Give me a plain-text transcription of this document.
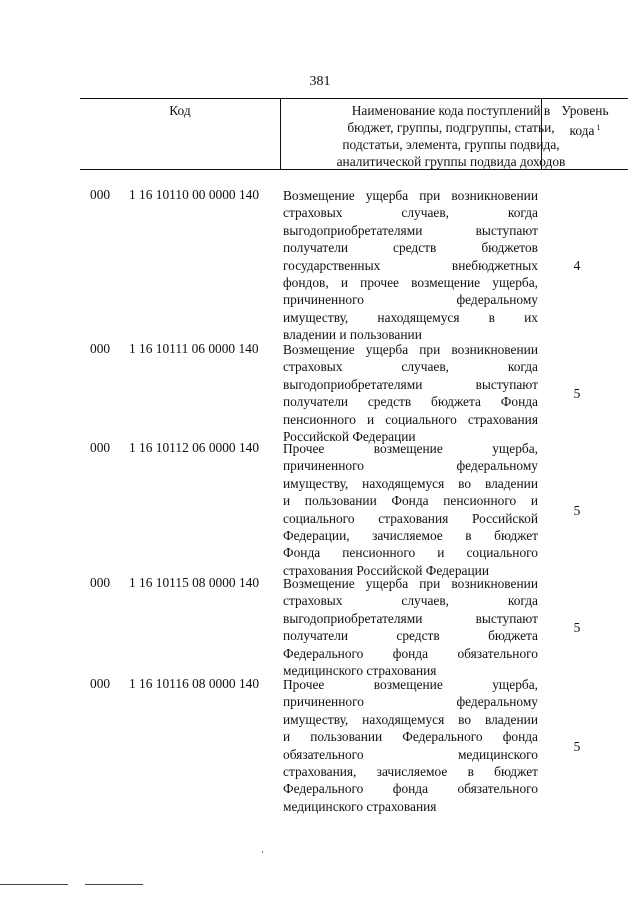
381
Код	Наименование кода поступлений в
бюджет, группы, подгруппы, статьи,
подстатьи, элемента, группы подвида,
аналитической группы подвида доходов
Уровень
кода $^1$
000 1 16 10110 00 0000 140 Возмещение ущерба при возникновении
страховых случаев, когда
выгодоприобретателями выступают
получатели средств бюджетов
государственных внебюджетных
фондов, и прочее возмещение ущерба,
причиненного федеральному
имуществу, находящемуся в их
владении и пользовании
4
000 1 16 10111 06 0000 140 Возмещение ущерба при возникновении
страховых случаев, когда
выгодоприобретателями выступают
получатели средств бюджета Фонда
пенсионного и социального страхования
Российской Федерации
5
000 1 16 10112 06 0000 140 Прочее возмещение ущерба,
причиненного федеральному
имуществу, находящемуся во владении
и пользовании Фонда пенсионного и
социального страхования Российской
Федерации, зачисляемое в бюджет
Фонда пенсионного и социального
страхования Российской Федерации
5
000 1 16 10115 08 0000 140 Возмещение ущерба при возникновении
страховых случаев, когда
выгодоприобретателями выступают
получатели средств бюджета
Федерального фонда обязательного
медицинского страхования
5
000 1 16 10116 08 0000 140 Прочее возмещение ущерба,
причиненного федеральному
имуществу, находящемуся во владении
и пользовании Федерального фонда
обязательного медицинского
страхования, зачисляемое в бюджет
Федерального фонда обязательного
медицинского страхования
5
